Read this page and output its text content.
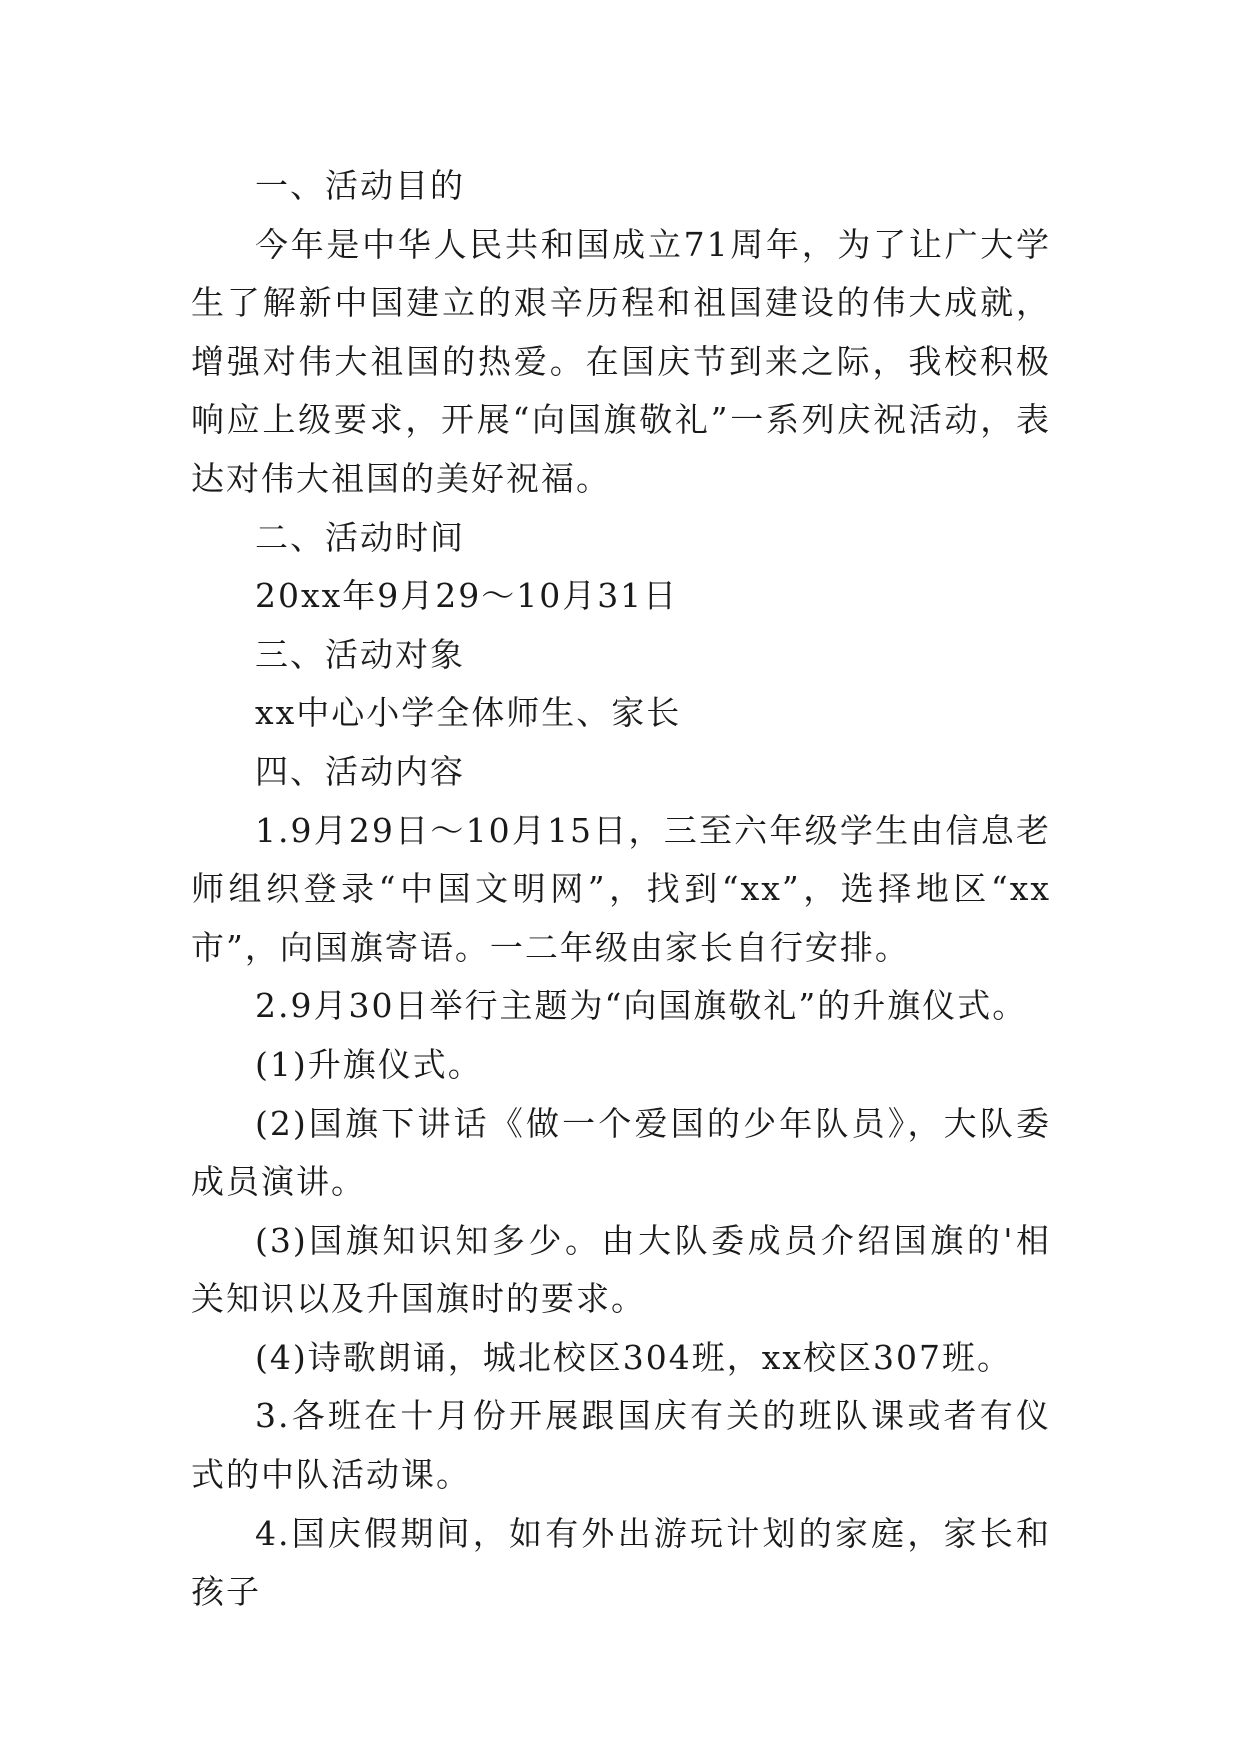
一、活动目的

今年是中华人民共和国成立71周年，为了让广大学生了解新中国建立的艰辛历程和祖国建设的伟大成就，增强对伟大祖国的热爱。在国庆节到来之际，我校积极响应上级要求，开展“向国旗敬礼”一系列庆祝活动，表达对伟大祖国的美好祝福。

二、活动时间

20xx年9月29～10月31日

三、活动对象

xx中心小学全体师生、家长

四、活动内容

1.9月29日～10月15日，三至六年级学生由信息老师组织登录“中国文明网”，找到“xx”，选择地区“xx市”，向国旗寄语。一二年级由家长自行安排。

2.9月30日举行主题为“向国旗敬礼”的升旗仪式。

(1)升旗仪式。

(2)国旗下讲话《做一个爱国的少年队员》，大队委成员演讲。

(3)国旗知识知多少。由大队委成员介绍国旗的'相关知识以及升国旗时的要求。

(4)诗歌朗诵，城北校区304班，xx校区307班。

3.各班在十月份开展跟国庆有关的班队课或者有仪式的中队活动课。

4.国庆假期间，如有外出游玩计划的家庭，家长和孩子
